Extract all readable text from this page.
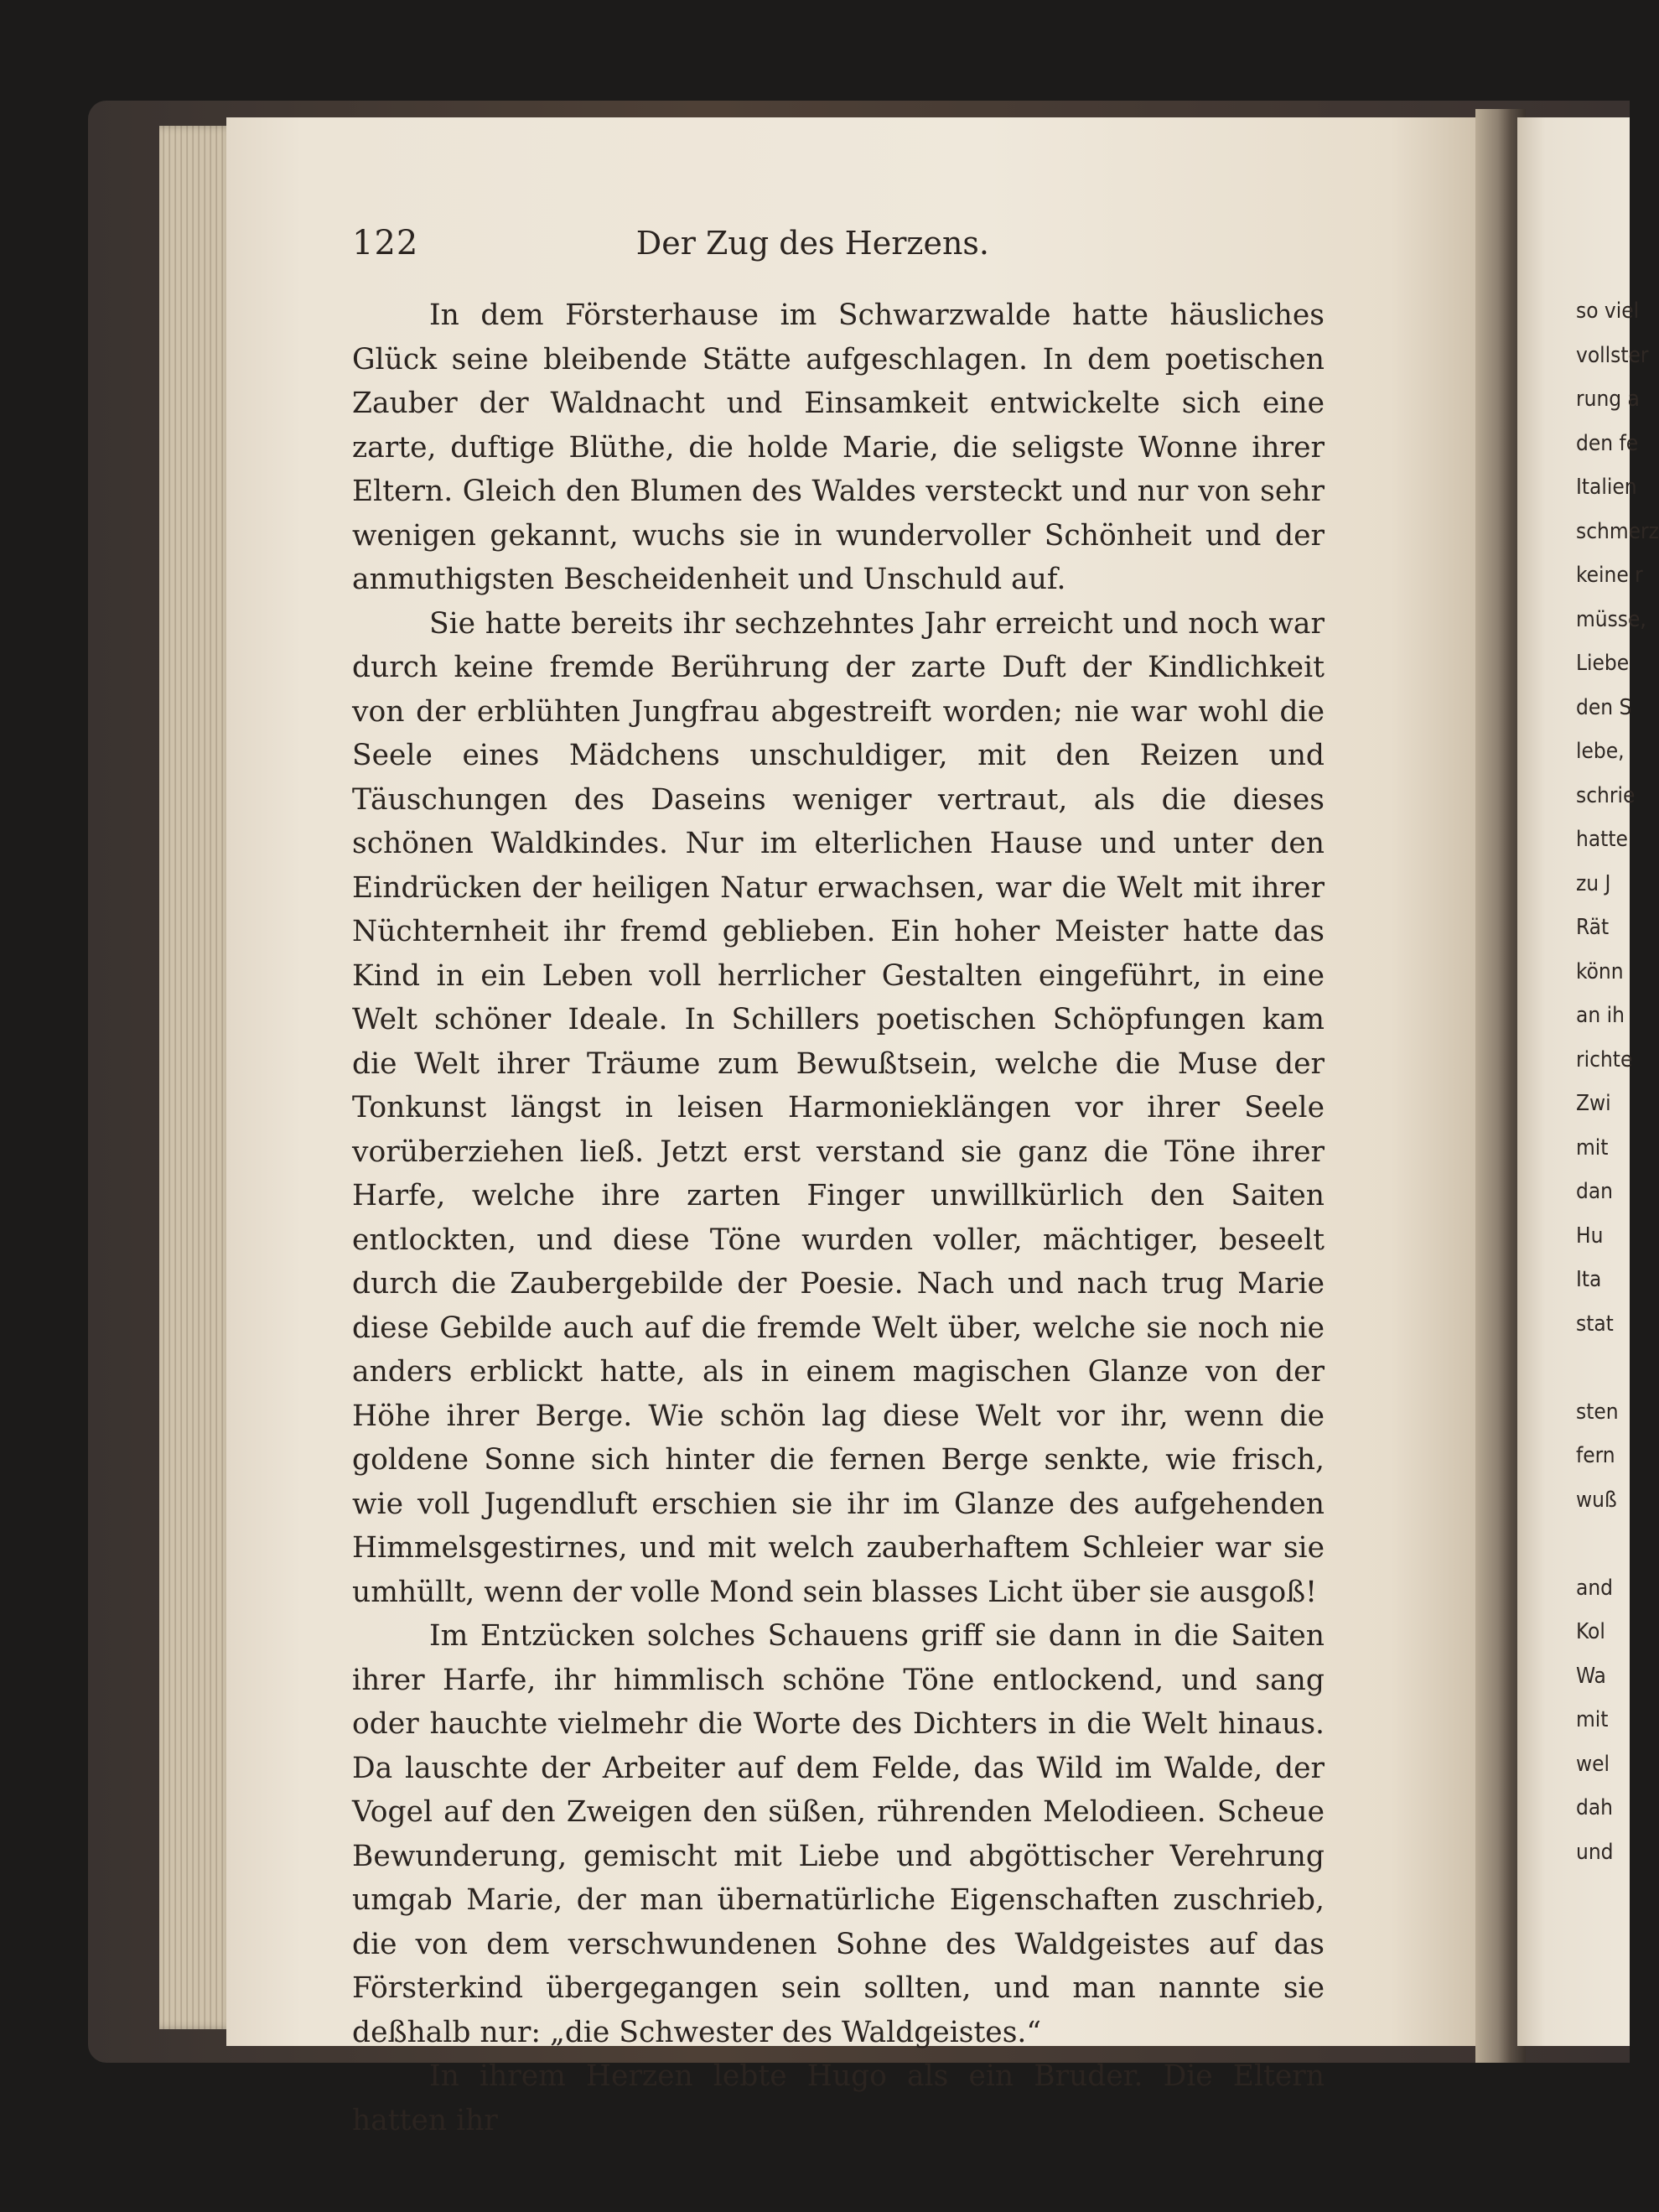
122	Der Zug des Herzens.

In dem Försterhause im Schwarzwalde hatte häusliches Glück seine bleibende Stätte aufgeschlagen. In dem poetischen Zauber der Waldnacht und Einsamkeit entwickelte sich eine zarte, duftige Blüthe, die holde Marie, die seligste Wonne ihrer Eltern. Gleich den Blumen des Waldes versteckt und nur von sehr wenigen gekannt, wuchs sie in wundervoller Schönheit und der anmuthigsten Bescheidenheit und Unschuld auf.

Sie hatte bereits ihr sechzehntes Jahr erreicht und noch war durch keine fremde Berührung der zarte Duft der Kindlichkeit von der erblühten Jungfrau abgestreift worden; nie war wohl die Seele eines Mädchens unschuldiger, mit den Reizen und Täuschungen des Daseins weniger vertraut, als die dieses schönen Waldkindes. Nur im elterlichen Hause und unter den Eindrücken der heiligen Natur erwachsen, war die Welt mit ihrer Nüchternheit ihr fremd geblieben. Ein hoher Meister hatte das Kind in ein Leben voll herrlicher Gestalten eingeführt, in eine Welt schöner Ideale. In Schillers poetischen Schöpfungen kam die Welt ihrer Träume zum Bewußtsein, welche die Muse der Tonkunst längst in leisen Harmonieklängen vor ihrer Seele vorüberziehen ließ. Jetzt erst verstand sie ganz die Töne ihrer Harfe, welche ihre zarten Finger unwillkürlich den Saiten entlockten, und diese Töne wurden voller, mächtiger, beseelt durch die Zaubergebilde der Poesie. Nach und nach trug Marie diese Gebilde auch auf die fremde Welt über, welche sie noch nie anders erblickt hatte, als in einem magischen Glanze von der Höhe ihrer Berge. Wie schön lag diese Welt vor ihr, wenn die goldene Sonne sich hinter die fernen Berge senkte, wie frisch, wie voll Jugendluft erschien sie ihr im Glanze des aufgehenden Himmelsgestirnes, und mit welch zauberhaftem Schleier war sie umhüllt, wenn der volle Mond sein blasses Licht über sie ausgoß!

Im Entzücken solches Schauens griff sie dann in die Saiten ihrer Harfe, ihr himmlisch schöne Töne entlockend, und sang oder hauchte vielmehr die Worte des Dichters in die Welt hinaus. Da lauschte der Arbeiter auf dem Felde, das Wild im Walde, der Vogel auf den Zweigen den süßen, rührenden Melodieen. Scheue Bewunderung, gemischt mit Liebe und abgöttischer Verehrung umgab Marie, der man übernatürliche Eigenschaften zuschrieb, die von dem verschwundenen Sohne des Waldgeistes auf das Försterkind übergegangen sein sollten, und man nannte sie deßhalb nur: „die Schwester des Waldgeistes.“

In ihrem Herzen lebte Hugo als ein Bruder. Die Eltern hatten ihr

so viel
vollster
rung a
den fe
Italien
schmerz
keine r
müsse,
Liebe
den S
lebe,
schrie
hatte
zu J
Rät
könn
an ih
richte
Zwi
mit
dan
Hu
Ita
stat
sten
fern
wuß
and
Kol
Wa
mit
wel
dah
und
